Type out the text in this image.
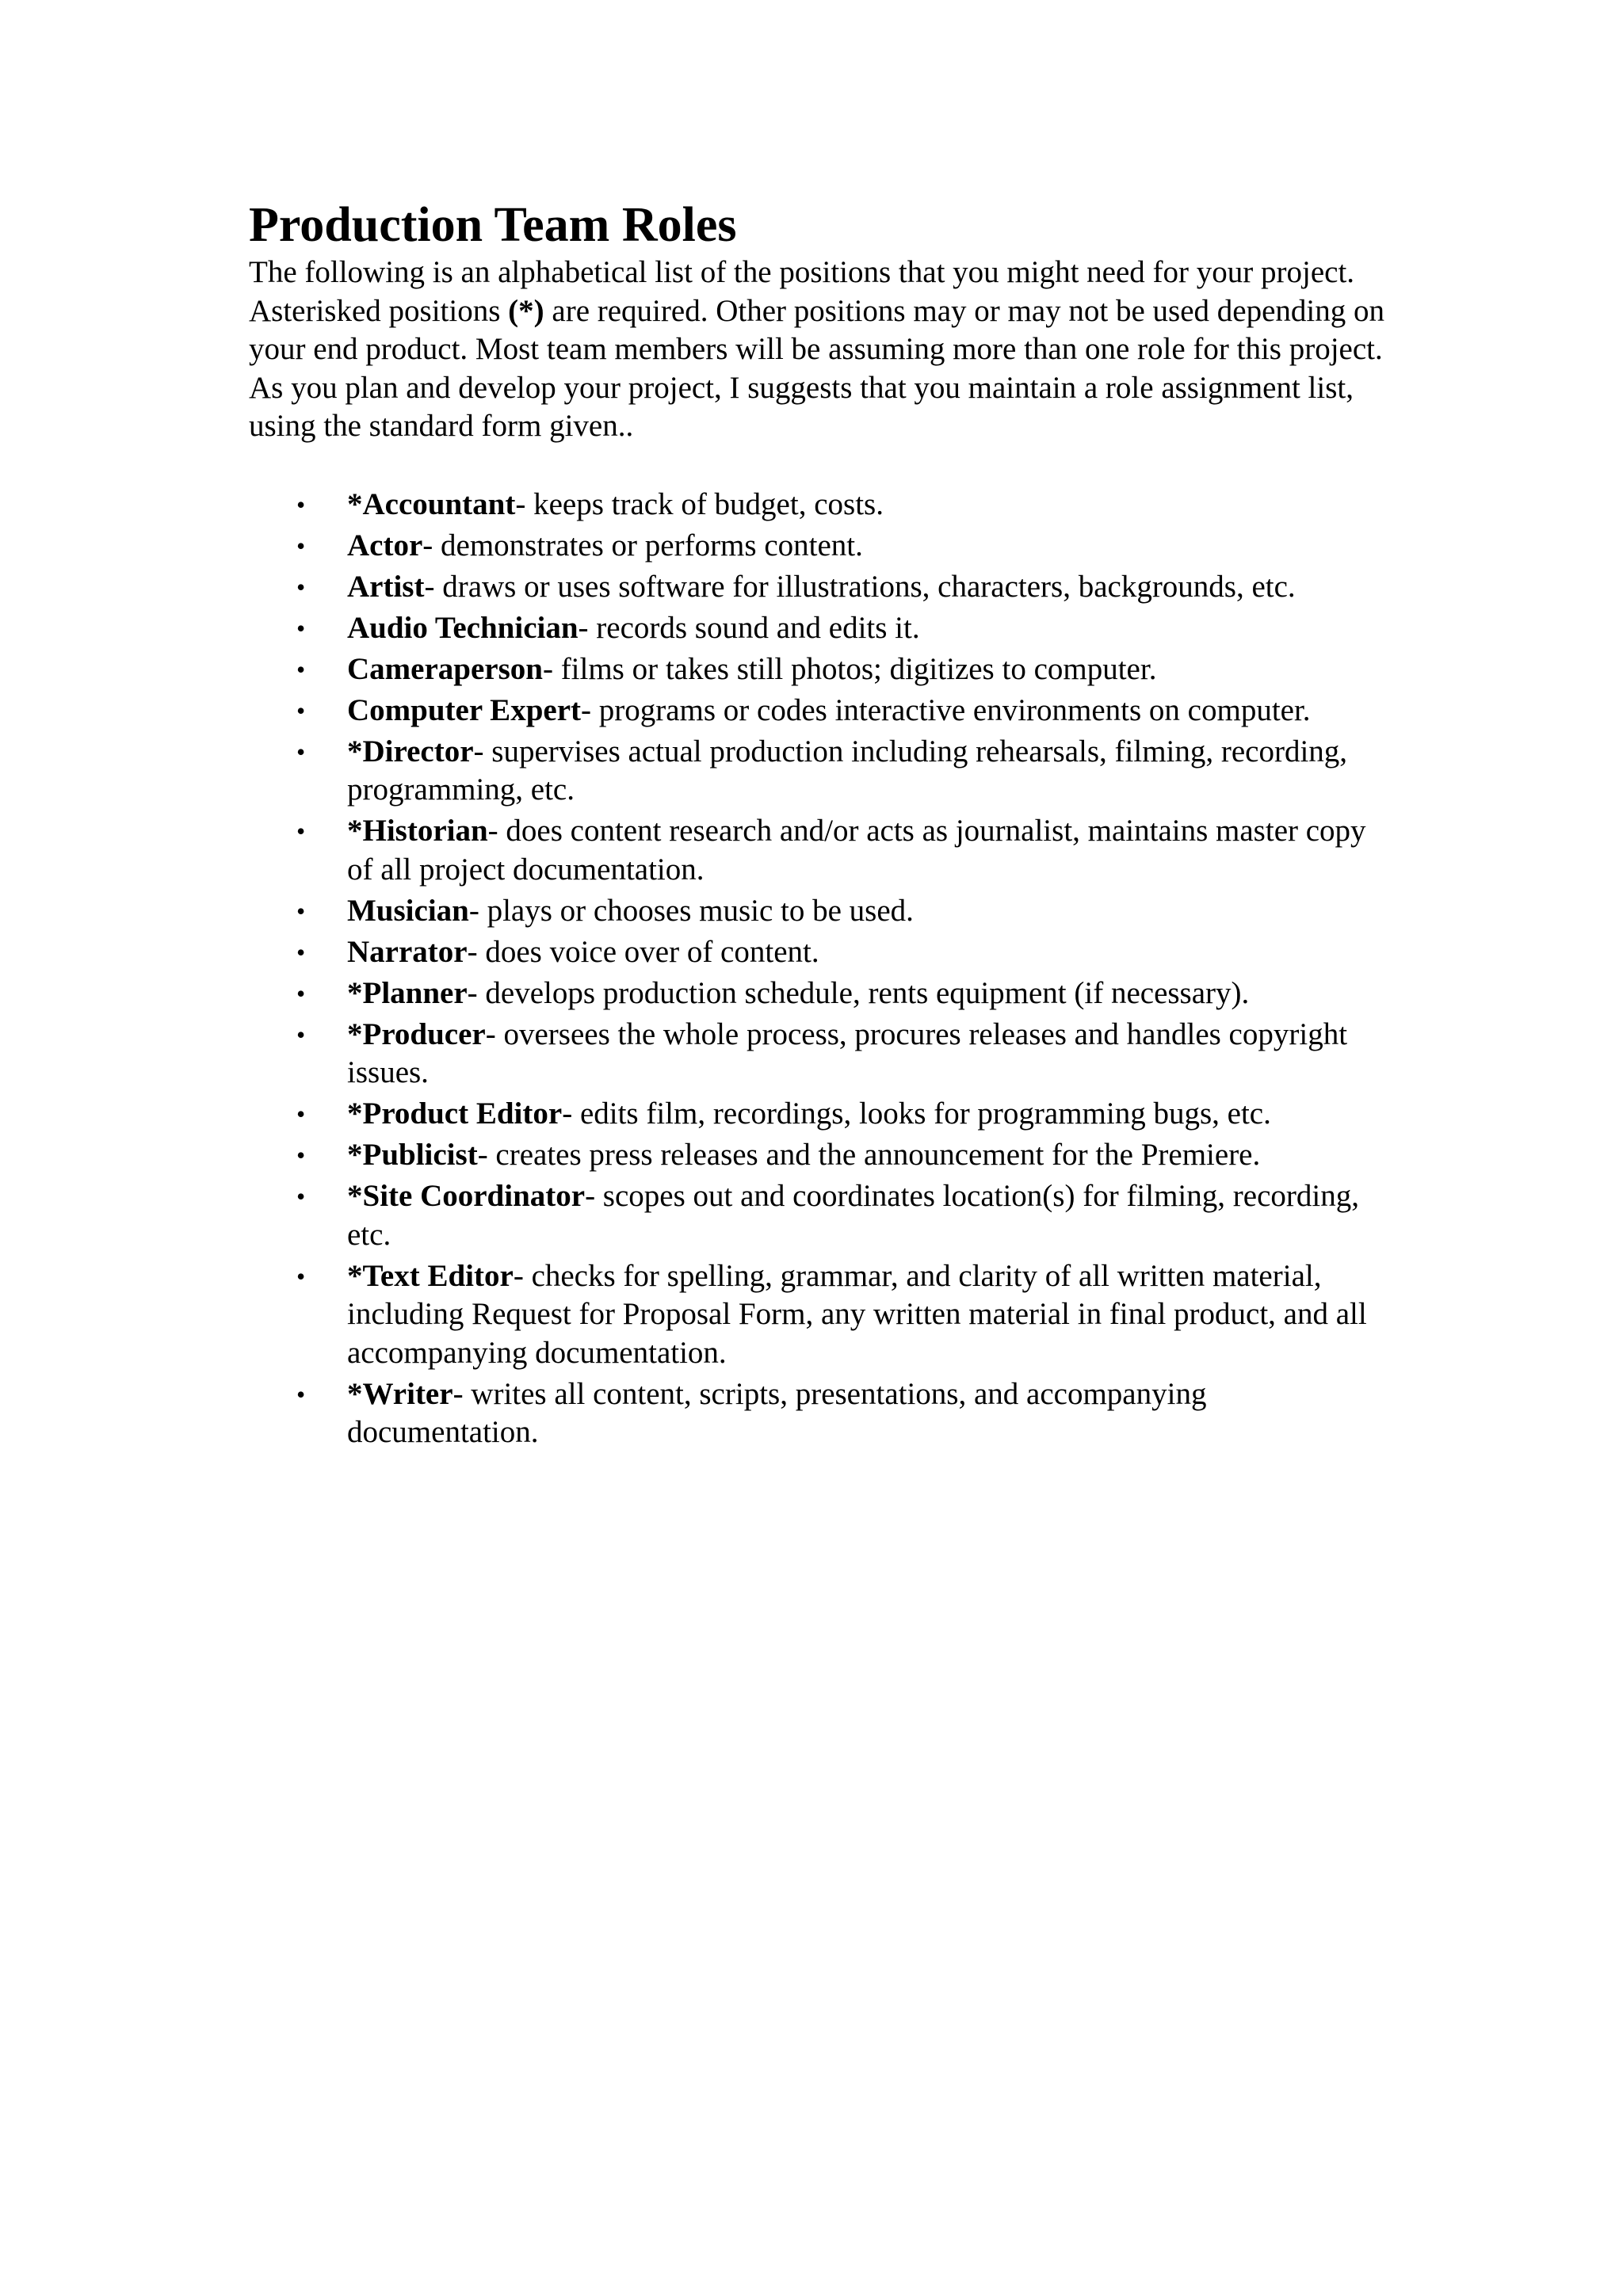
Production Team Roles

The following is an alphabetical list of the positions that you might need for your project. Asterisked positions (*) are required. Other positions may or may not be used depending on your end product. Most team members will be assuming more than one role for this project. As you plan and develop your project, I suggests that you maintain a role assignment list, using the standard form given..

• *Accountant- keeps track of budget, costs.
• Actor- demonstrates or performs content.
• Artist- draws or uses software for illustrations, characters, backgrounds, etc.
• Audio Technician- records sound and edits it.
• Cameraperson- films or takes still photos; digitizes to computer.
• Computer Expert- programs or codes interactive environments on computer.
• *Director- supervises actual production including rehearsals, filming, recording, programming, etc.
• *Historian- does content research and/or acts as journalist, maintains master copy of all project documentation.
• Musician- plays or chooses music to be used.
• Narrator- does voice over of content.
• *Planner- develops production schedule, rents equipment (if necessary).
• *Producer- oversees the whole process, procures releases and handles copyright issues.
• *Product Editor- edits film, recordings, looks for programming bugs, etc.
• *Publicist- creates press releases and the announcement for the Premiere.
• *Site Coordinator- scopes out and coordinates location(s) for filming, recording, etc.
• *Text Editor- checks for spelling, grammar, and clarity of all written material, including Request for Proposal Form, any written material in final product, and all accompanying documentation.
• *Writer- writes all content, scripts, presentations, and accompanying documentation.
